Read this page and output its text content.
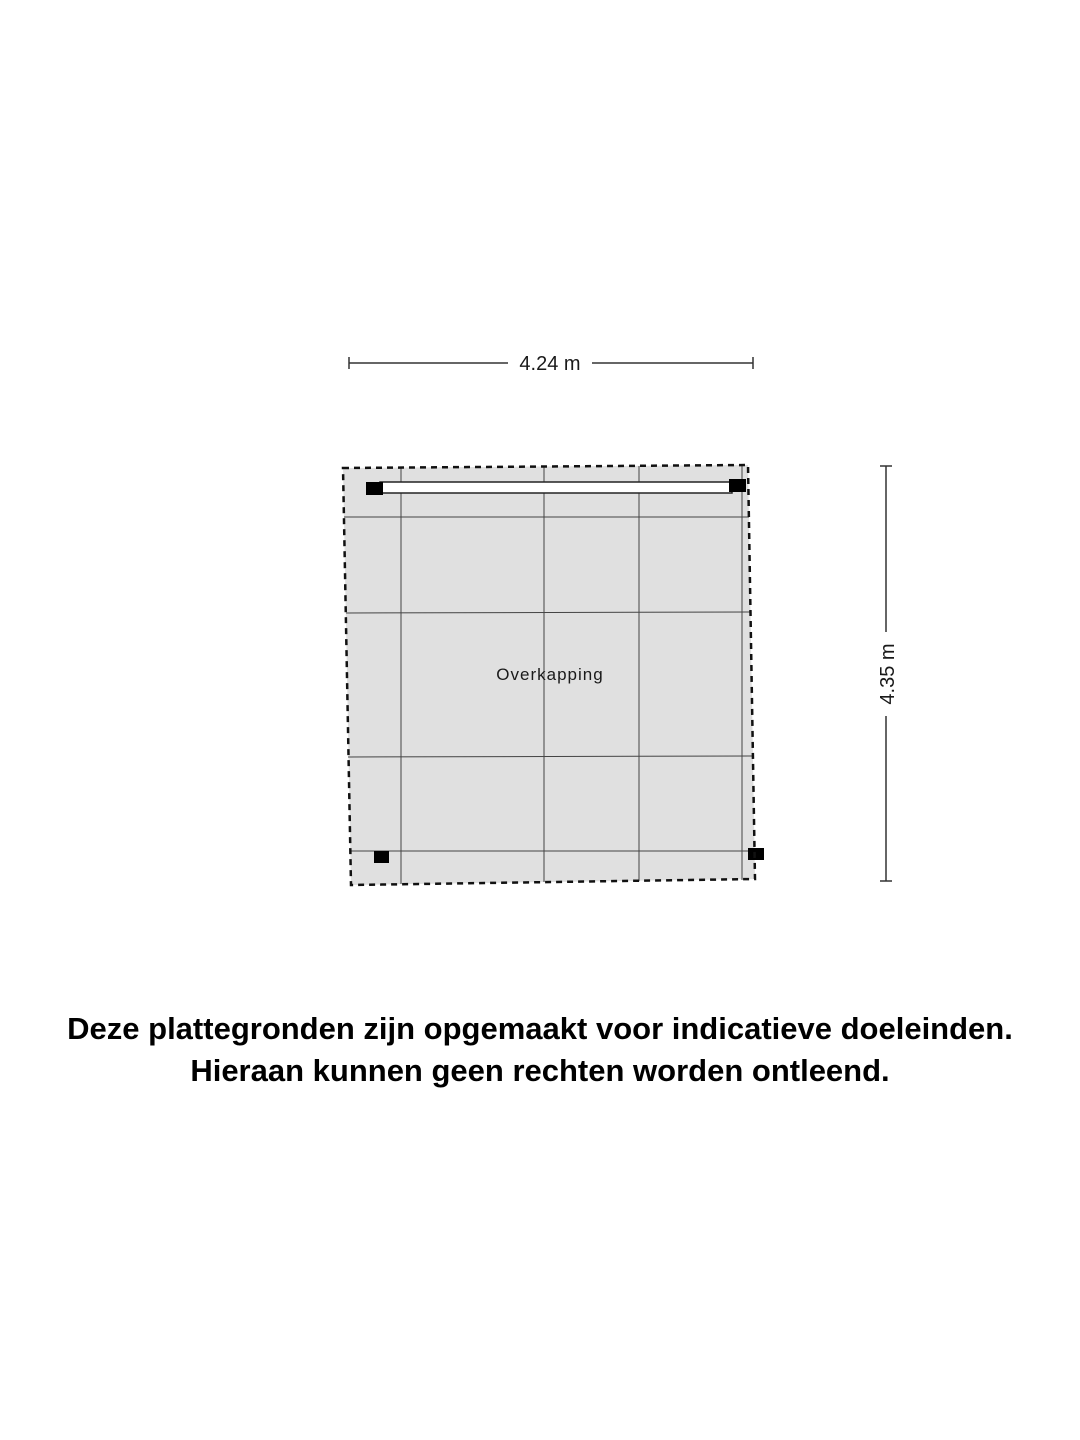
4.24 m
4.35 m
Overkapping
Deze plattegronden zijn opgemaakt voor indicatieve doeleinden.
Hieraan kunnen geen rechten worden ontleend.
